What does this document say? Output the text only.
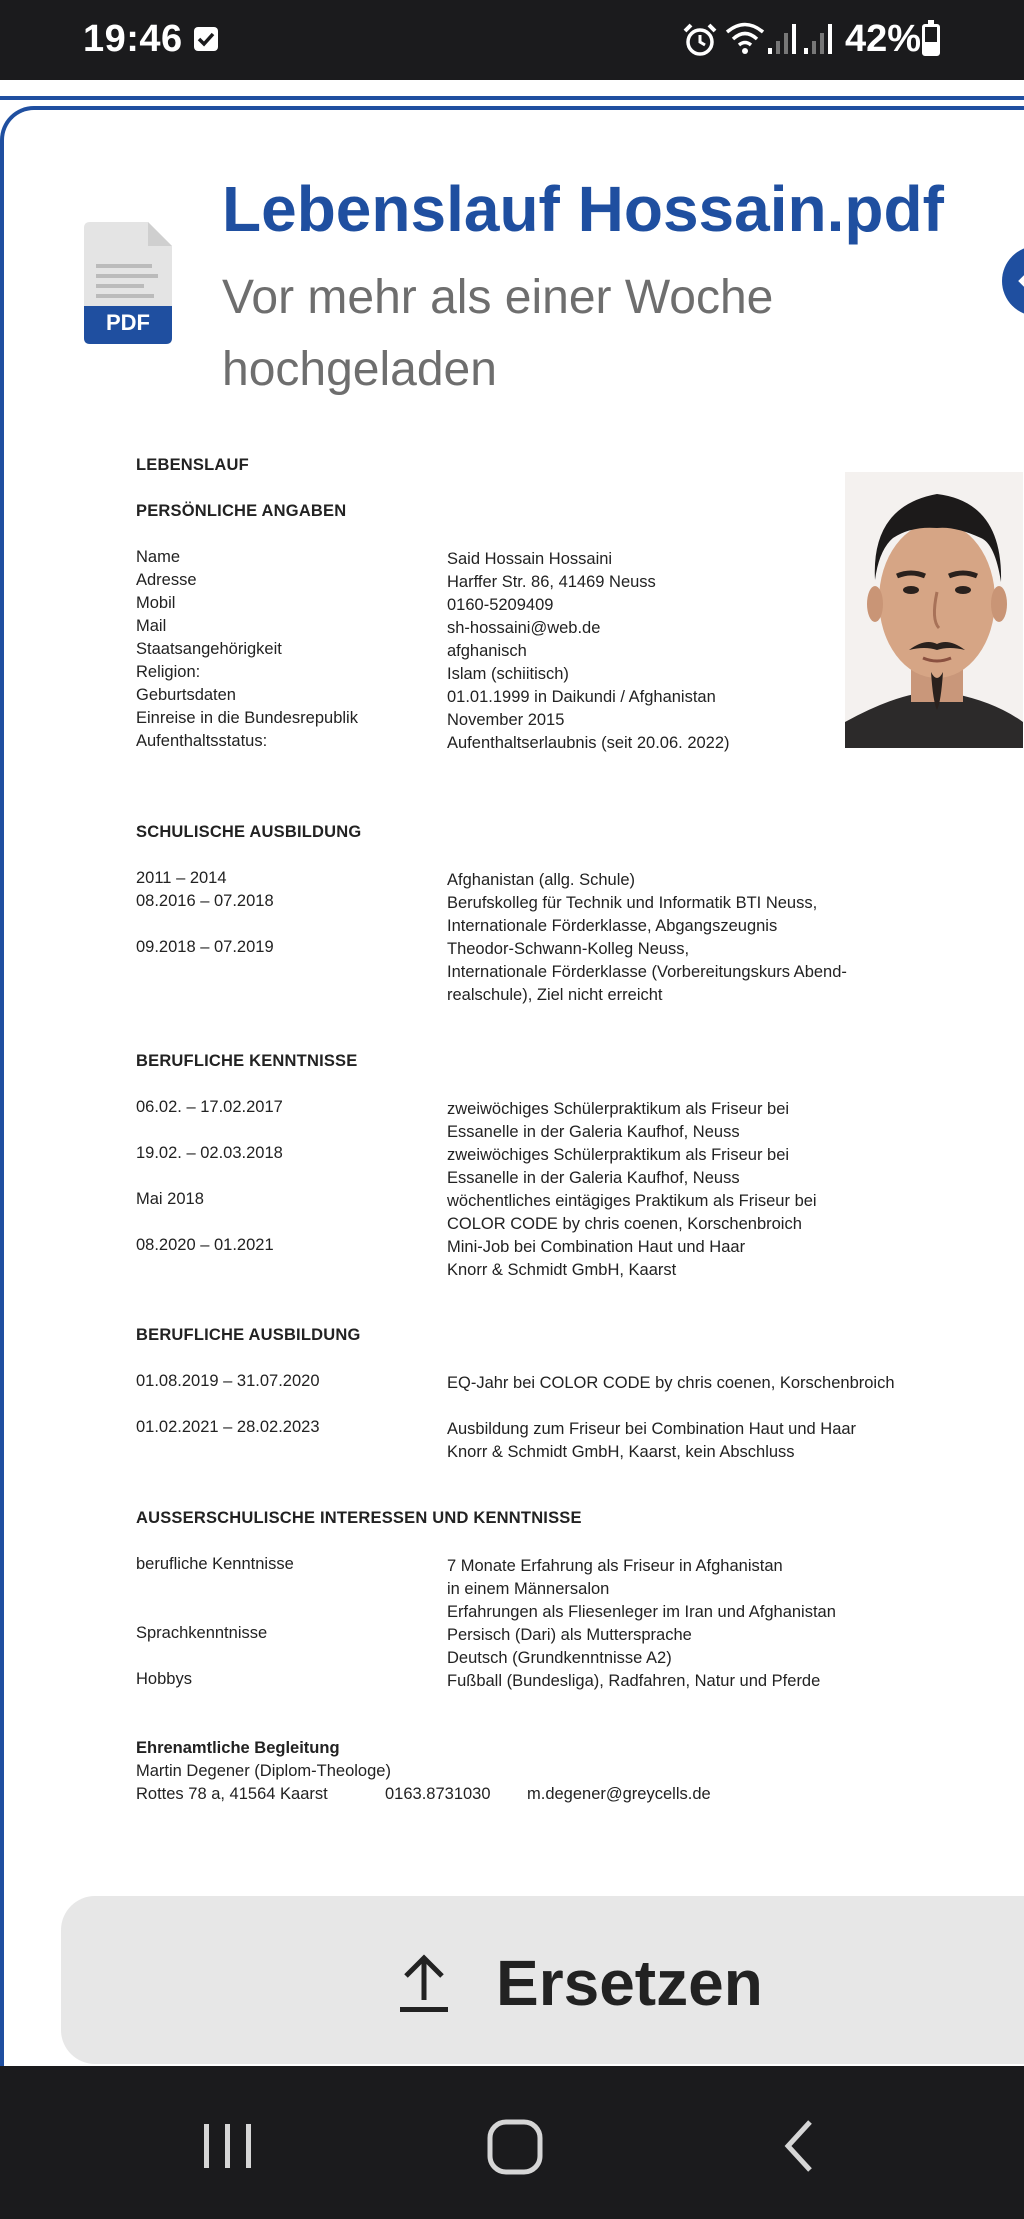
19:46	42%
PDF
Lebenslauf Hossain.pdf
Vor mehr als einer Woche hochgeladen
LEBENSLAUF
PERSÖNLICHE ANGABEN
Name	Said Hossain Hossaini
Adresse	Harffer Str. 86, 41469 Neuss
Mobil	0160-5209409
Mail	sh-hossaini@web.de
Staatsangehörigkeit	afghanisch
Religion:	Islam (schiitisch)
Geburtsdaten	01.01.1999 in Daikundi / Afghanistan
Einreise in die Bundesrepublik	November 2015
Aufenthaltsstatus:	Aufenthaltserlaubnis (seit 20.06. 2022)
SCHULISCHE AUSBILDUNG
2011 – 2014	Afghanistan (allg. Schule)
08.2016 – 07.2018	Berufskolleg für Technik und Informatik BTI Neuss,
Internationale Förderklasse, Abgangszeugnis
09.2018 – 07.2019	Theodor-Schwann-Kolleg Neuss,
Internationale Förderklasse (Vorbereitungskurs Abend-
realschule), Ziel nicht erreicht
BERUFLICHE KENNTNISSE
06.02. – 17.02.2017	zweiwöchiges Schülerpraktikum als Friseur bei
Essanelle in der Galeria Kaufhof, Neuss
19.02. – 02.03.2018	zweiwöchiges Schülerpraktikum als Friseur bei
Essanelle in der Galeria Kaufhof, Neuss
Mai 2018	wöchentliches eintägiges Praktikum als Friseur bei
COLOR CODE by chris coenen, Korschenbroich
08.2020 – 01.2021	Mini-Job bei Combination Haut und Haar
Knorr & Schmidt GmbH, Kaarst
BERUFLICHE AUSBILDUNG
01.08.2019 – 31.07.2020	EQ-Jahr bei COLOR CODE by chris coenen, Korschenbroich
01.02.2021 – 28.02.2023	Ausbildung zum Friseur bei Combination Haut und Haar
Knorr & Schmidt GmbH, Kaarst, kein Abschluss
AUSSERSCHULISCHE INTERESSEN UND KENNTNISSE
berufliche Kenntnisse	7 Monate Erfahrung als Friseur in Afghanistan
in einem Männersalon
Erfahrungen als Fliesenleger im Iran und Afghanistan
Sprachkenntnisse	Persisch (Dari) als Muttersprache
Deutsch (Grundkenntnisse A2)
Hobbys	Fußball (Bundesliga), Radfahren, Natur und Pferde
Ehrenamtliche Begleitung
Martin Degener (Diplom-Theologe)
Rottes 78 a, 41564 Kaarst	0163.8731030 m.degener@greycells.de
Ersetzen
